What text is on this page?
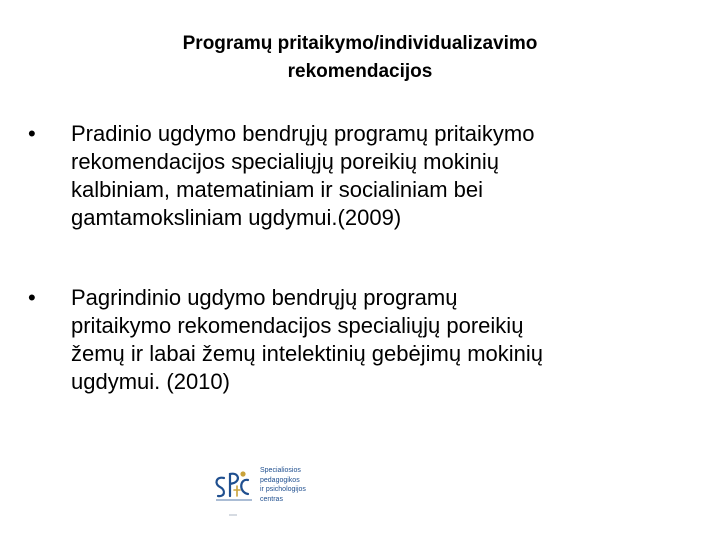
Programų pritaikymo/individualizavimo
rekomendacijos
• Pradinio ugdymo bendrųjų programų pritaikymo
rekomendacijos specialiųjų poreikių mokinių
kalbiniam, matematiniam ir socialiniam bei
gamtamoksliniam ugdymui.(2009)
• Pagrindinio ugdymo bendrųjų programų
pritaikymo rekomendacijos specialiųjų poreikių
žemų ir labai žemų intelektinių gebėjimų mokinių
ugdymui. (2010)
Specialiosios
pedagogikos
ir psichologijos
centras
